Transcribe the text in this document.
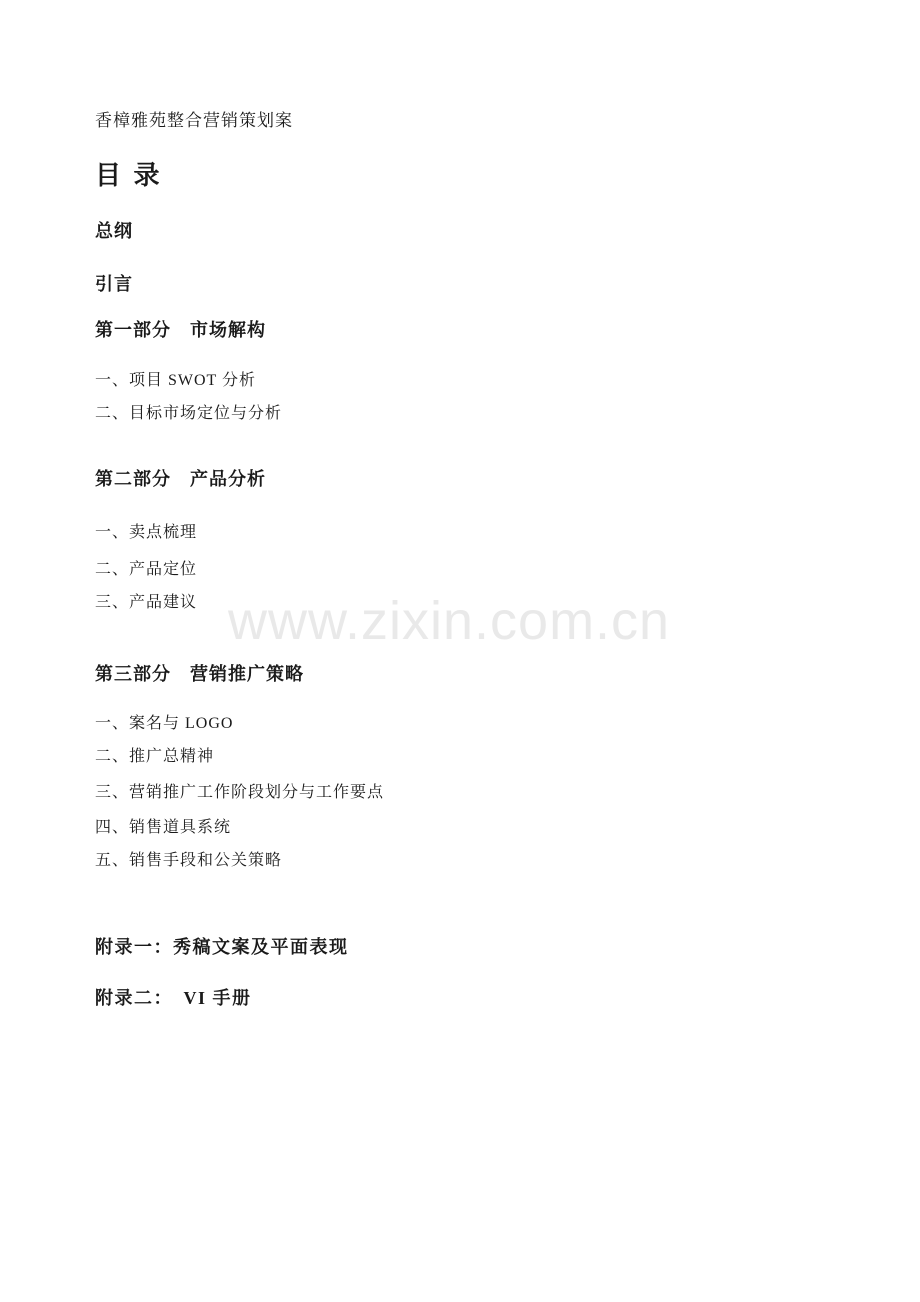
www.zixin.com.cn
香樟雅苑整合营销策划案
目 录
总纲
引言
第一部分　市场解构
一、项目 SWOT 分析
二、目标市场定位与分析
第二部分　产品分析
一、卖点梳理
二、产品定位
三、产品建议
第三部分　营销推广策略
一、案名与 LOGO
二、推广总精神
三、营销推广工作阶段划分与工作要点
四、销售道具系统
五、销售手段和公关策略
附录一：秀稿文案及平面表现
附录二：　VI 手册
